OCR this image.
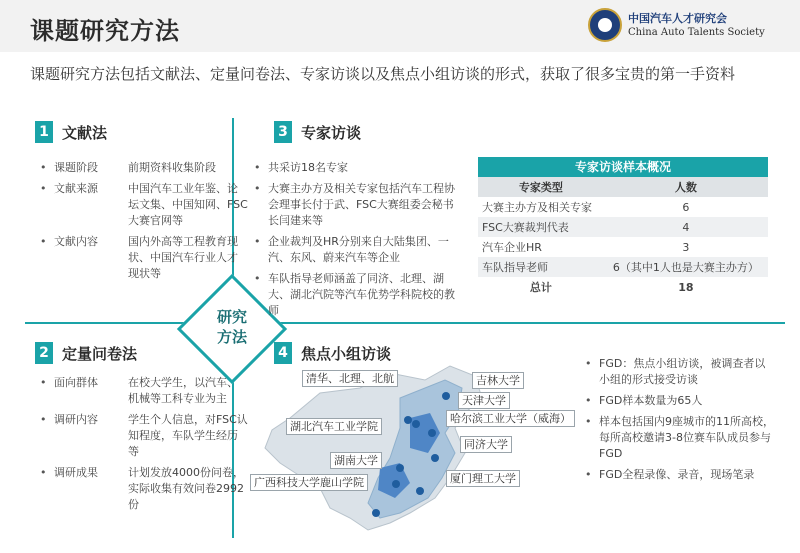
课题研究方法	中国汽车人才研究会
China Auto Talents Society
课题研究方法包括文献法、定量问卷法、专家访谈以及焦点小组访谈的形式，获取了很多宝贵的第一手资料
研究方法
1 文献法
• 课题阶段	前期资料收集阶段
• 文献来源	中国汽车工业年鉴、论坛文集、中国知网、FSC大赛官网等
• 文献内容	国内外高等工程教育现状、中国汽车行业人才现状等
2 定量问卷法
• 面向群体	在校大学生，以汽车、机械等工科专业为主
• 调研内容	学生个人信息，对FSC认知程度，车队学生经历等
• 调研成果	计划发放4000份问卷，实际收集有效问卷2992份
3 专家访谈
• 共采访18名专家
• 大赛主办方及相关专家包括汽车工程协会理事长付于武、FSC大赛组委会秘书长闫建来等
• 企业裁判及HR分别来自大陆集团、一汽、东风、蔚来汽车等企业
• 车队指导老师涵盖了同济、北理、湖大、湖北汽院等汽车优势学科院校的教师
专家访谈样本概况
专家类型	人数
大赛主办方及相关专家	6
FSC大赛裁判代表	4
汽车企业HR	3
车队指导老师	6（其中1人也是大赛主办方）
总计	18
4 焦点小组访谈
清华、北理、北航	吉林大学
天津大学
湖北汽车工业学院
哈尔滨工业大学（威海）
同济大学
湖南大学
厦门理工大学
广西科技大学鹿山学院
• FGD：焦点小组访谈，被调查者以小组的形式接受访谈
• FGD样本数量为65人
• 样本包括国内9座城市的11所高校，每所高校邀请3-8位赛车队成员参与FGD
• FGD全程录像、录音，现场笔录
